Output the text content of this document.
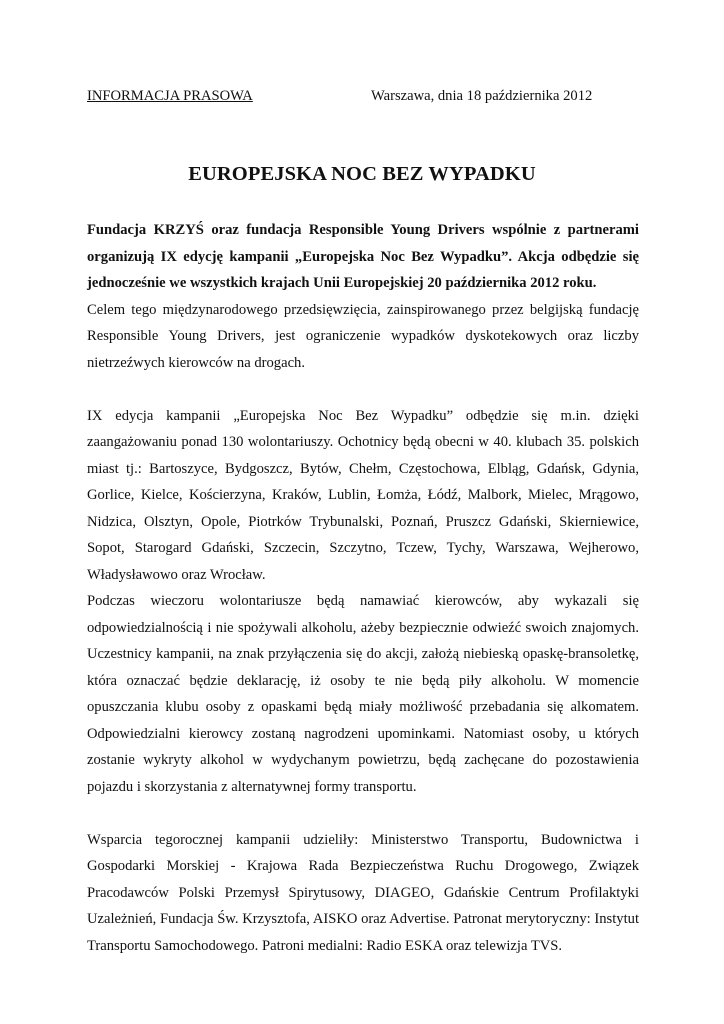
INFORMACJA PRASOWA	Warszawa, dnia 18 października 2012
EUROPEJSKA NOC BEZ WYPADKU

Fundacja KRZYŚ oraz fundacja Responsible Young Drivers wspólnie z partnerami organizują IX edycję kampanii „Europejska Noc Bez Wypadku”. Akcja odbędzie się jednocześnie we wszystkich krajach Unii Europejskiej 20 października 2012 roku.

Celem tego międzynarodowego przedsięwzięcia, zainspirowanego przez belgijską fundację Responsible Young Drivers, jest ograniczenie wypadków dyskotekowych oraz liczby nietrzeźwych kierowców na drogach.

IX edycja kampanii „Europejska Noc Bez Wypadku” odbędzie się m.in. dzięki zaangażowaniu ponad 130 wolontariuszy. Ochotnicy będą obecni w 40. klubach 35. polskich miast tj.: Bartoszyce, Bydgoszcz, Bytów, Chełm, Częstochowa, Elbląg, Gdańsk, Gdynia, Gorlice, Kielce, Kościerzyna, Kraków, Lublin, Łomża, Łódź, Malbork, Mielec, Mrągowo, Nidzica, Olsztyn, Opole, Piotrków Trybunalski, Poznań, Pruszcz Gdański, Skierniewice, Sopot, Starogard Gdański, Szczecin, Szczytno, Tczew, Tychy, Warszawa, Wejherowo, Władysławowo oraz Wrocław.

Podczas wieczoru wolontariusze będą namawiać kierowców, aby wykazali się odpowiedzialnością i nie spożywali alkoholu, ażeby bezpiecznie odwieźć swoich znajomych. Uczestnicy kampanii, na znak przyłączenia się do akcji, założą niebieską opaskę-bransoletkę, która oznaczać będzie deklarację, iż osoby te nie będą piły alkoholu. W momencie opuszczania klubu osoby z opaskami będą miały możliwość przebadania się alkomatem. Odpowiedzialni kierowcy zostaną nagrodzeni upominkami. Natomiast osoby, u których zostanie wykryty alkohol w wydychanym powietrzu, będą zachęcane do pozostawienia pojazdu i skorzystania z alternatywnej formy transportu.

Wsparcia tegorocznej kampanii udzieliły: Ministerstwo Transportu, Budownictwa i Gospodarki Morskiej - Krajowa Rada Bezpieczeństwa Ruchu Drogowego, Związek Pracodawców Polski Przemysł Spirytusowy, DIAGEO, Gdańskie Centrum Profilaktyki Uzależnień, Fundacja Św. Krzysztofa, AISKO oraz Advertise. Patronat merytoryczny: Instytut Transportu Samochodowego. Patroni medialni: Radio ESKA oraz telewizja TVS.
